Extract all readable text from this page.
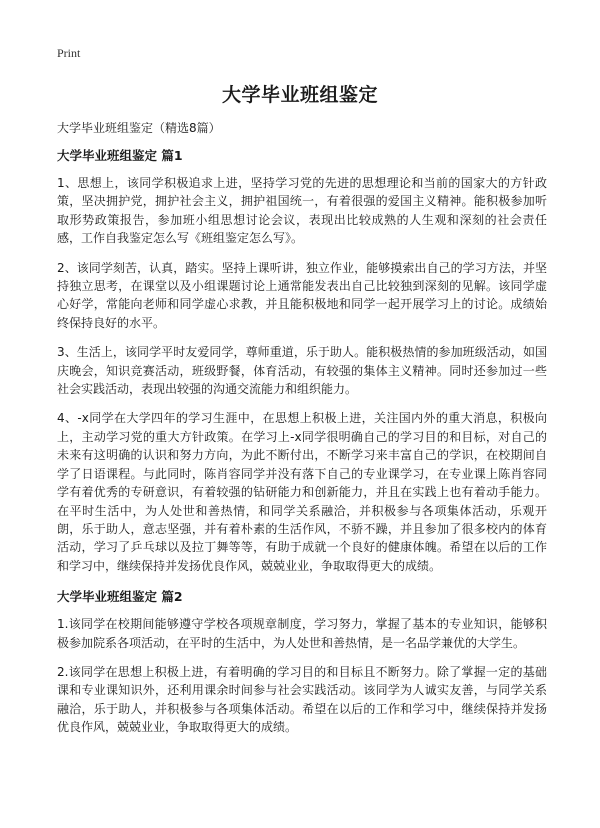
Print
大学毕业班组鉴定
大学毕业班组鉴定（精选8篇）
大学毕业班组鉴定 篇1

1、思想上，该同学积极追求上进，坚持学习党的先进的思想理论和当前的国家大的方针政策，坚决拥护党，拥护社会主义，拥护祖国统一，有着很强的爱国主义精神。能积极参加听取形势政策报告，参加班小组思想讨论会议，表现出比较成熟的人生观和深刻的社会责任感，工作自我鉴定怎么写《班组鉴定怎么写》。

2、该同学刻苦，认真，踏实。坚持上课听讲，独立作业，能够摸索出自己的学习方法，并坚持独立思考，在课堂以及小组课题讨论上通常能发表出自己比较独到深刻的见解。该同学虚心好学，常能向老师和同学虚心求教，并且能积极地和同学一起开展学习上的讨论。成绩始终保持良好的水平。

3、生活上，该同学平时友爱同学，尊师重道，乐于助人。能积极热情的参加班级活动，如国庆晚会，知识竞赛活动，班级野餐，体育活动，有较强的集体主义精神。同时还参加过一些社会实践活动，表现出较强的沟通交流能力和组织能力。

4、-x同学在大学四年的学习生涯中，在思想上积极上进，关注国内外的重大消息，积极向上，主动学习党的重大方针政策。在学习上-x同学很明确自己的学习目的和目标，对自己的未来有这明确的认识和努力方向，为此不断付出，不断学习来丰富自己的学识，在校期间自学了日语课程。与此同时，陈肖容同学并没有落下自己的专业课学习，在专业课上陈肖容同学有着优秀的专研意识，有着较强的钻研能力和创新能力，并且在实践上也有着动手能力。在平时生活中，为人处世和善热情，和同学关系融洽，并积极参与各项集体活动，乐观开朗，乐于助人，意志坚强，并有着朴素的生活作风，不骄不躁，并且参加了很多校内的体育活动，学习了乒乓球以及拉丁舞等等，有助于成就一个良好的健康体魄。希望在以后的工作和学习中，继续保持并发扬优良作风，兢兢业业，争取取得更大的成绩。

大学毕业班组鉴定 篇2

1.该同学在校期间能够遵守学校各项规章制度，学习努力，掌握了基本的专业知识，能够积极参加院系各项活动，在平时的生活中，为人处世和善热情，是一名品学兼优的大学生。

2.该同学在思想上积极上进，有着明确的学习目的和目标且不断努力。除了掌握一定的基础课和专业课知识外，还利用课余时间参与社会实践活动。该同学为人诚实友善，与同学关系融洽，乐于助人，并积极参与各项集体活动。希望在以后的工作和学习中，继续保持并发扬优良作风，兢兢业业，争取取得更大的成绩。
